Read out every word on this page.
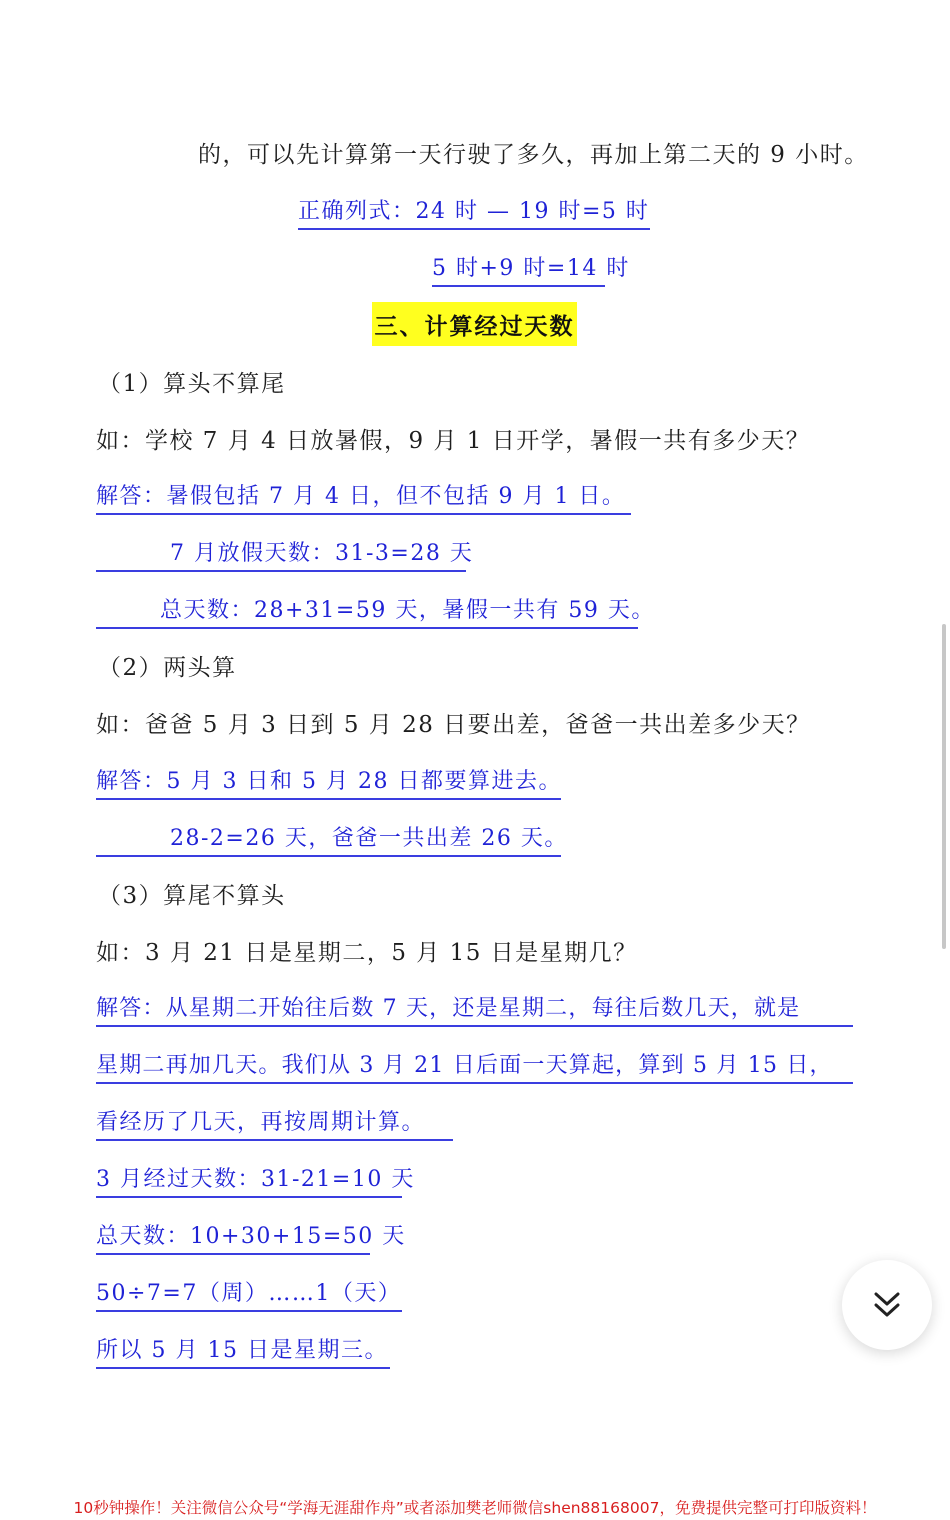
的，可以先计算第一天行驶了多久，再加上第二天的 9 小时。
正确列式：24 时 — 19 时=5 时
5 时+9 时=14 时
三、计算经过天数
（1）算头不算尾
如：学校 7 月 4 日放暑假，9 月 1 日开学，暑假一共有多少天？
解答：暑假包括 7 月 4 日，但不包括 9 月 1 日。
7 月放假天数：31-3=28 天
总天数：28+31=59 天，暑假一共有 59 天。
（2）两头算
如：爸爸 5 月 3 日到 5 月 28 日要出差，爸爸一共出差多少天？
解答：5 月 3 日和 5 月 28 日都要算进去。
28-2=26 天，爸爸一共出差 26 天。
（3）算尾不算头
如：3 月 21 日是星期二，5 月 15 日是星期几？
解答：从星期二开始往后数 7 天，还是星期二，每往后数几天，就是
星期二再加几天。我们从 3 月 21 日后面一天算起，算到 5 月 15 日，
看经历了几天，再按周期计算。
3 月经过天数：31-21=10 天
总天数：10+30+15=50 天
50÷7=7（周）……1（天）
所以 5 月 15 日是星期三。
10秒钟操作！关注微信公众号“学海无涯甜作舟”或者添加樊老师微信shen88168007，免费提供完整可打印版资料！
